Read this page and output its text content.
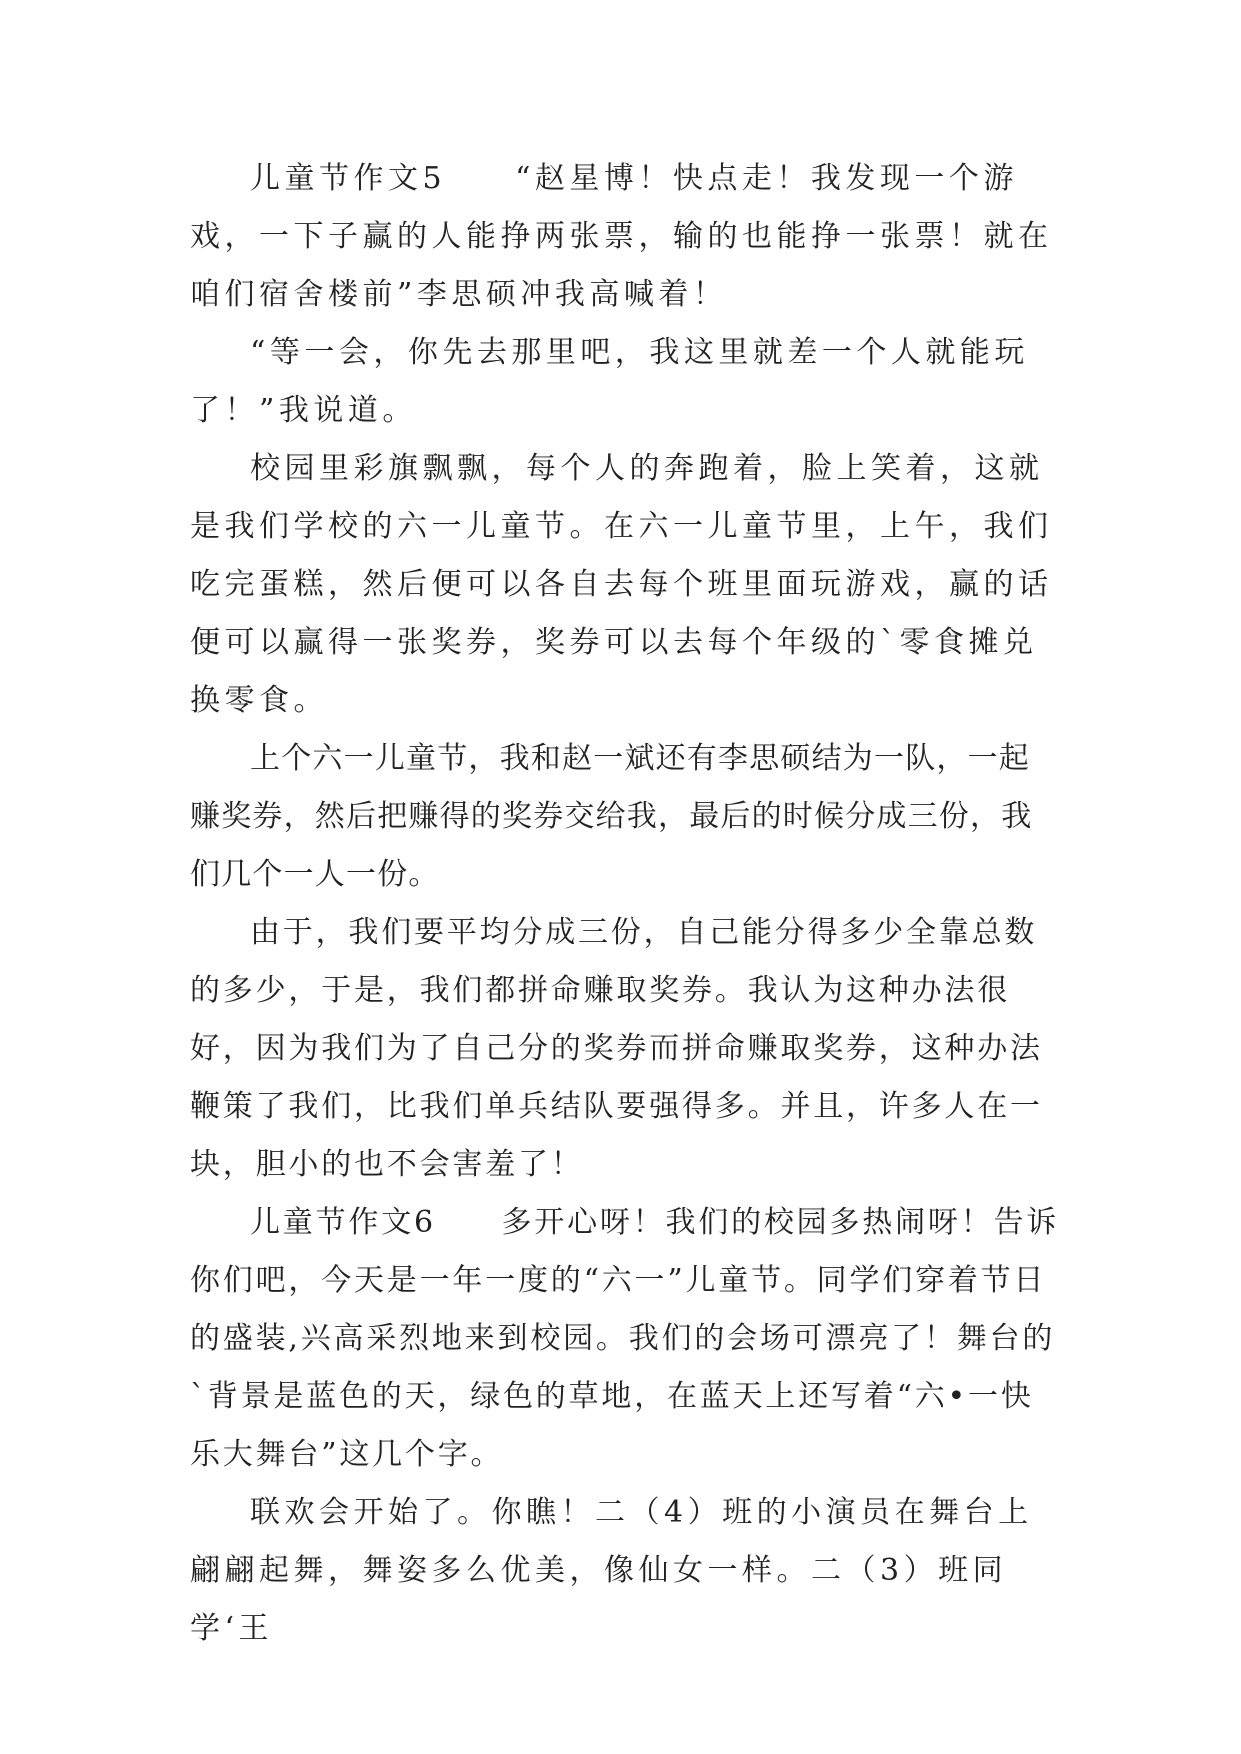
儿童节作文5　　“赵星博！快点走！我发现一个游戏，一下子赢的人能挣两张票，输的也能挣一张票！就在咱们宿舍楼前”李思硕冲我高喊着！

“等一会，你先去那里吧，我这里就差一个人就能玩了！”我说道。

校园里彩旗飘飘，每个人的奔跑着，脸上笑着，这就是我们学校的六一儿童节。在六一儿童节里，上午，我们吃完蛋糕，然后便可以各自去每个班里面玩游戏，赢的话便可以赢得一张奖券，奖券可以去每个年级的`零食摊兑换零食。

上个六一儿童节，我和赵一斌还有李思硕结为一队，一起赚奖券，然后把赚得的奖券交给我，最后的时候分成三份，我们几个一人一份。

由于，我们要平均分成三份，自己能分得多少全靠总数的多少，于是，我们都拼命赚取奖券。我认为这种办法很好，因为我们为了自己分的奖券而拼命赚取奖券，这种办法鞭策了我们，比我们单兵结队要强得多。并且，许多人在一块，胆小的也不会害羞了！

儿童节作文6　　多开心呀！我们的校园多热闹呀！告诉你们吧，今天是一年一度的“六一”儿童节。同学们穿着节日的盛装,兴高采烈地来到校园。我们的会场可漂亮了！舞台的`背景是蓝色的天，绿色的草地，在蓝天上还写着“六•一快乐大舞台”这几个字。

联欢会开始了。你瞧！二（4）班的小演员在舞台上翩翩起舞，舞姿多么优美，像仙女一样。二（3）班同学‘王
